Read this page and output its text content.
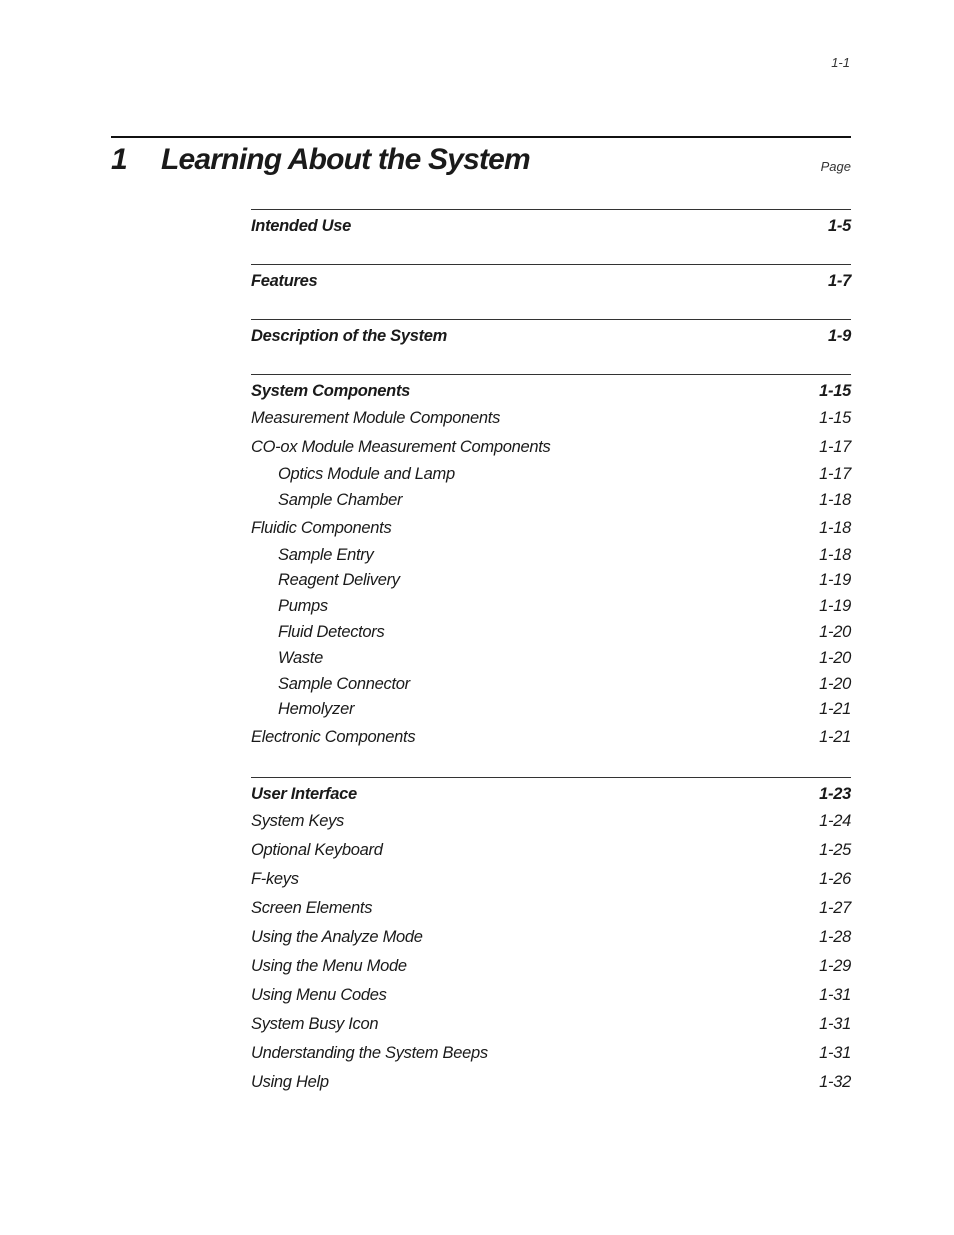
1-1
1 Learning About the System	Page
Intended Use	1-5
Features	1-7
Description of the System	1-9
System Components	1-15
Measurement Module Components	1-15
CO-ox Module Measurement Components	1-17
Optics Module and Lamp	1-17
Sample Chamber	1-18
Fluidic Components	1-18
Sample Entry	1-18
Reagent Delivery	1-19
Pumps	1-19
Fluid Detectors	1-20
Waste	1-20
Sample Connector	1-20
Hemolyzer	1-21
Electronic Components	1-21
User Interface	1-23
System Keys	1-24
Optional Keyboard	1-25
F-keys	1-26
Screen Elements	1-27
Using the Analyze Mode	1-28
Using the Menu Mode	1-29
Using Menu Codes	1-31
System Busy Icon	1-31
Understanding the System Beeps	1-31
Using Help	1-32
